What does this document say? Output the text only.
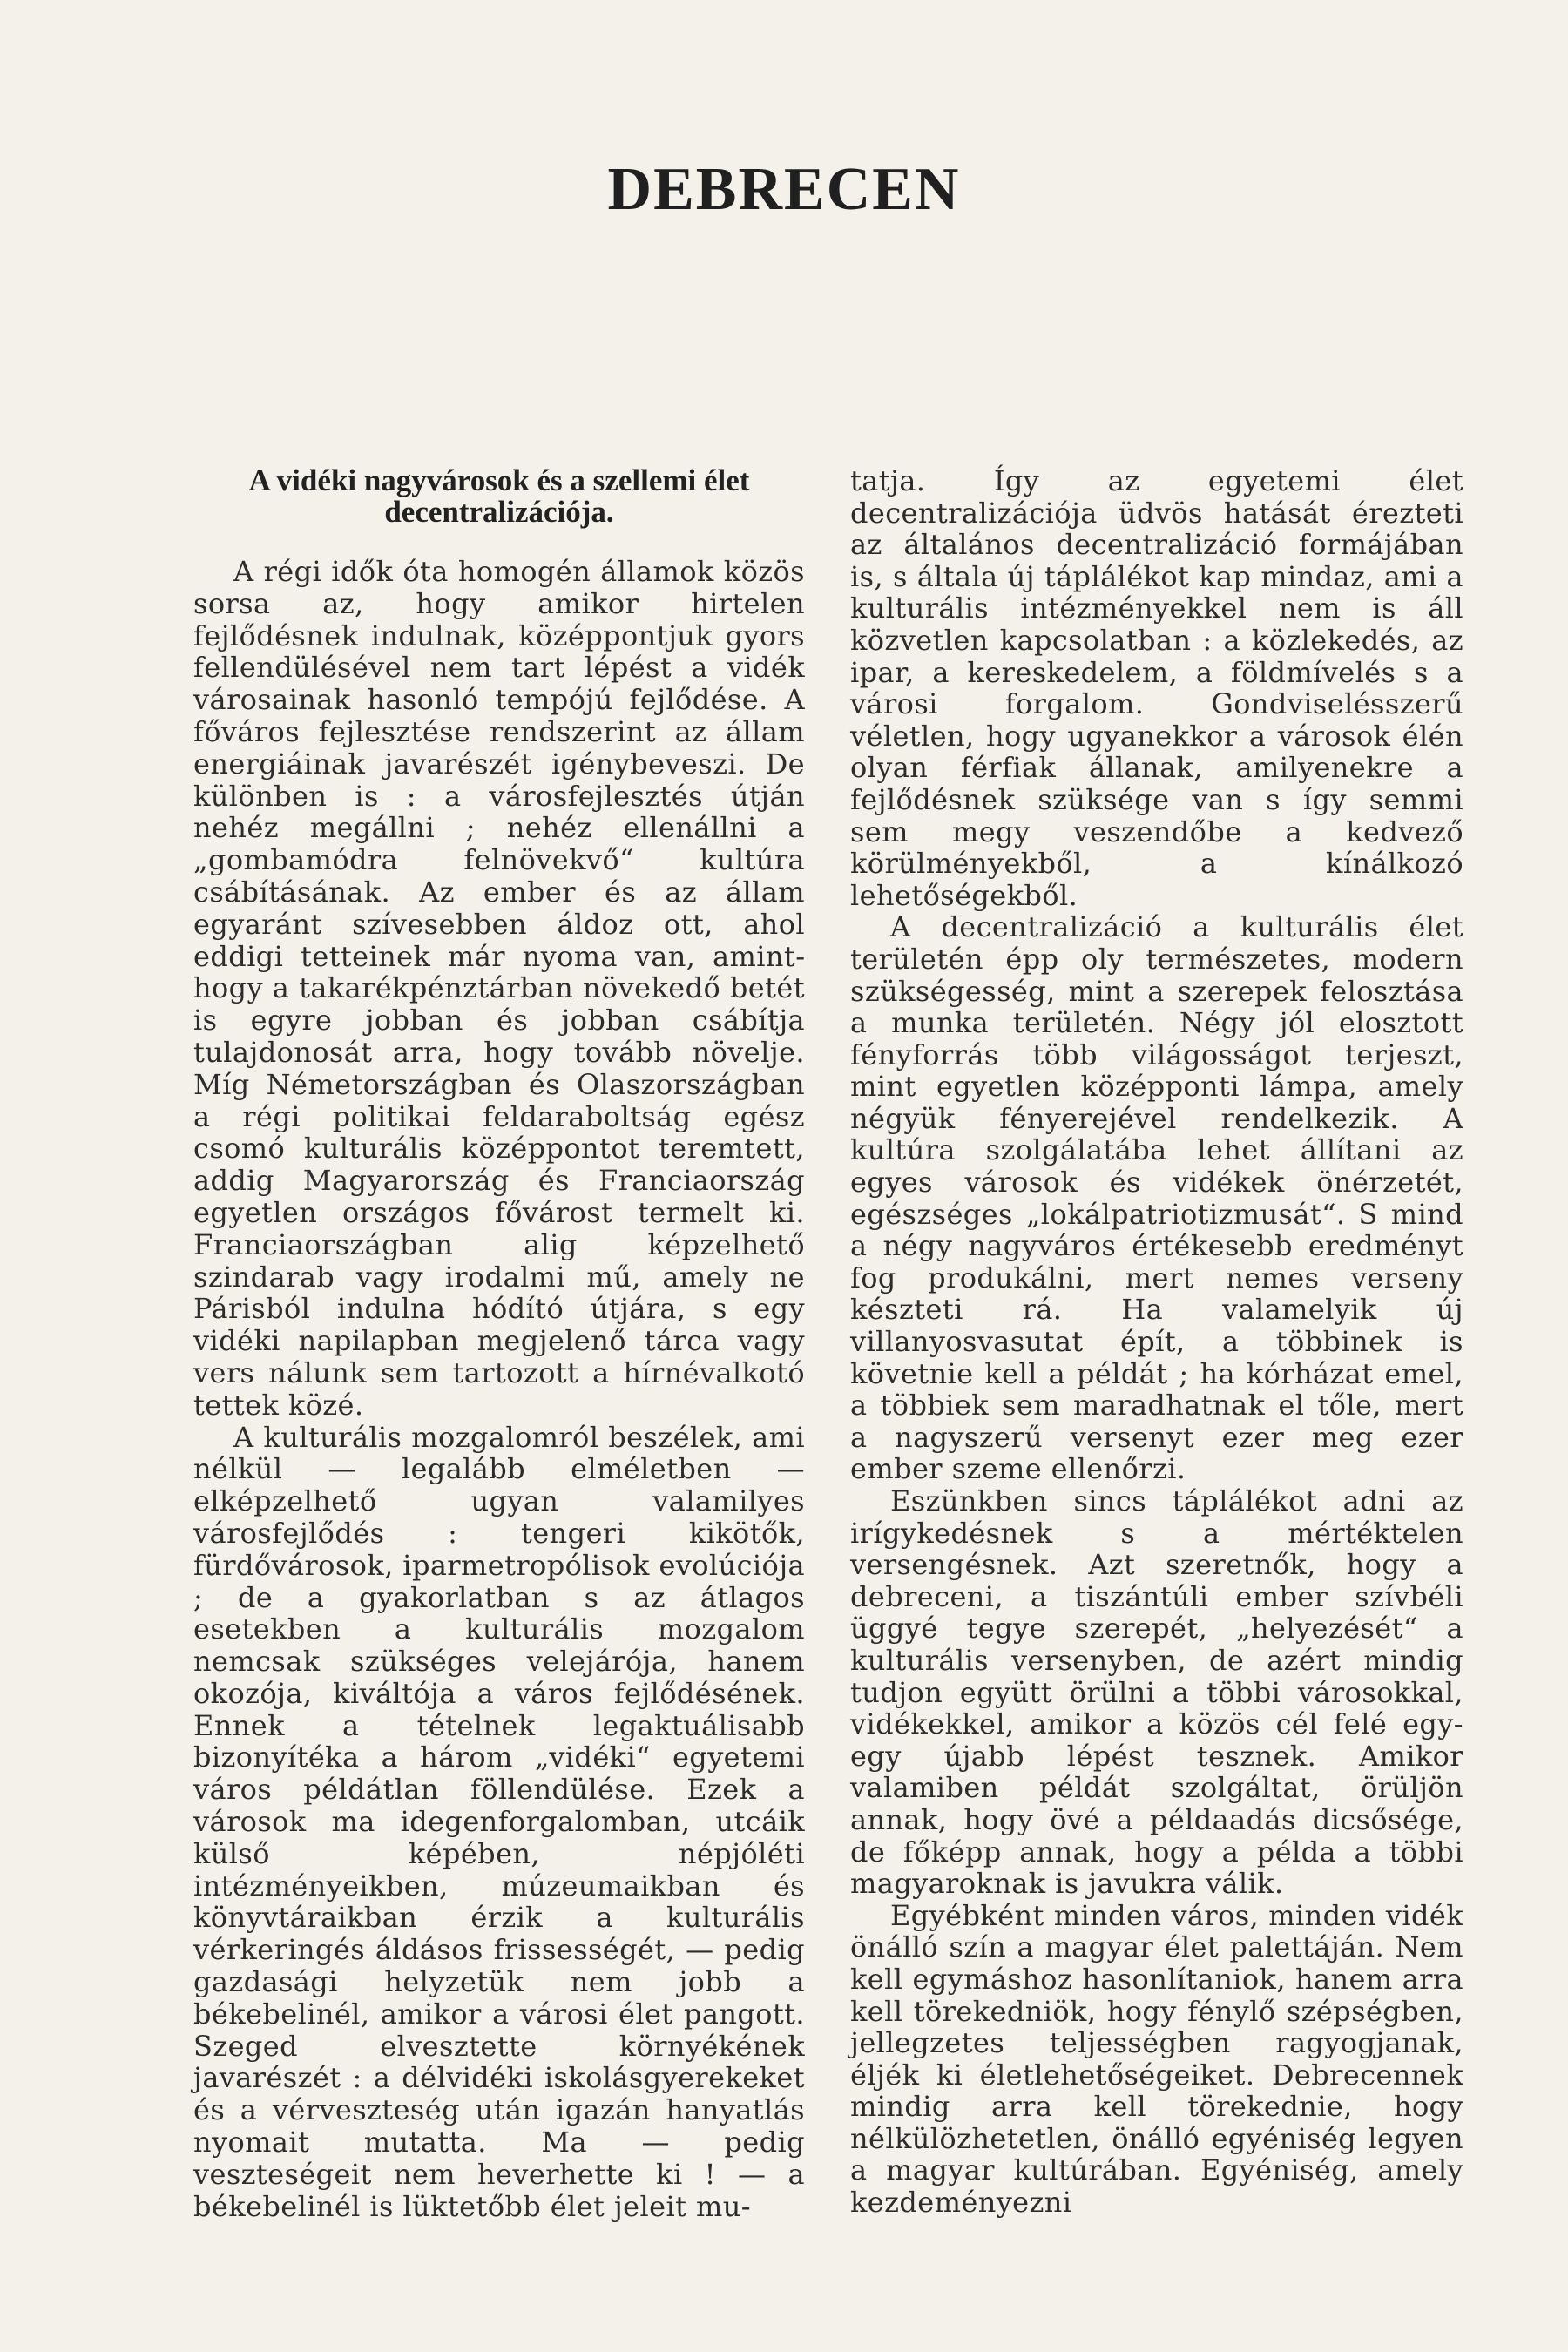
DEBRECEN
A vidéki nagyvárosok és a szellemi élet decentralizációja.

A régi idők óta homogén államok közös sorsa az, hogy amikor hirtelen fejlődésnek indulnak, középpontjuk gyors fellendülésével nem tart lépést a vidék városainak hasonló tempójú fejlődése. A főváros fejlesztése rendszerint az állam energiáinak javarészét igénybeveszi. De különben is : a városfejlesztés útján nehéz megállni ; nehéz ellenállni a „gombamódra felnövekvő“ kultúra csábításának. Az ember és az állam egyaránt szívesebben áldoz ott, ahol eddigi tetteinek már nyoma van, aminthogy a takarékpénztárban növekedő betét is egyre jobban és jobban csábítja tulajdonosát arra, hogy tovább növelje. Míg Németországban és Olaszországban a régi politikai feldaraboltság egész csomó kulturális középpontot teremtett, addig Magyarország és Franciaország egyetlen országos fővárost termelt ki. Franciaországban alig képzelhető szindarab vagy irodalmi mű, amely ne Párisból indulna hódító útjára, s egy vidéki napilapban megjelenő tárca vagy vers nálunk sem tartozott a hírnévalkotó tettek közé.

A kulturális mozgalomról beszélek, ami nélkül — legalább elméletben — elképzelhető ugyan valamilyes városfejlődés : tengeri kikötők, fürdővárosok, iparmetropólisok evolúciója ; de a gyakorlatban s az átlagos esetekben a kulturális mozgalom nemcsak szükséges velejárója, hanem okozója, kiváltója a város fejlődésének. Ennek a tételnek legaktuálisabb bizonyítéka a három „vidéki“ egyetemi város példátlan föllendülése. Ezek a városok ma idegenforgalomban, utcáik külső képében, népjóléti intézményeikben, múzeumaikban és könyvtáraikban érzik a kulturális vérkeringés áldásos frissességét, — pedig gazdasági helyzetük nem jobb a békebelinél, amikor a városi élet pangott. Szeged elvesztette környékének javarészét : a délvidéki iskolásgyerekeket és a vérveszteség után igazán hanyatlás nyomait mutatta. Ma — pedig veszteségeit nem heverhette ki ! — a békebelinél is lüktetőbb élet jeleit mu-

tatja. Így az egyetemi élet decentralizációja üdvös hatását érezteti az általános decentralizáció formájában is, s általa új táplálékot kap mindaz, ami a kulturális intézményekkel nem is áll közvetlen kapcsolatban : a közlekedés, az ipar, a kereskedelem, a földmívelés s a városi forgalom. Gondviselésszerű véletlen, hogy ugyanekkor a városok élén olyan férfiak állanak, amilyenekre a fejlődésnek szüksége van s így semmi sem megy veszendőbe a kedvező körülményekből, a kínálkozó lehetőségekből.

A decentralizáció a kulturális élet területén épp oly természetes, modern szükségesség, mint a szerepek felosztása a munka területén. Négy jól elosztott fényforrás több világosságot terjeszt, mint egyetlen középponti lámpa, amely négyük fényerejével rendelkezik. A kultúra szolgálatába lehet állítani az egyes városok és vidékek önérzetét, egészséges „lokálpatriotizmusát“. S mind a négy nagyváros értékesebb eredményt fog produkálni, mert nemes verseny készteti rá. Ha valamelyik új villanyosvasutat épít, a többinek is követnie kell a példát ; ha kórházat emel, a többiek sem maradhatnak el tőle, mert a nagyszerű versenyt ezer meg ezer ember szeme ellenőrzi.

Eszünkben sincs táplálékot adni az irígykedésnek s a mértéktelen versengésnek. Azt szeretnők, hogy a debreceni, a tiszántúli ember szívbéli üggyé tegye szerepét, „helyezését“ a kulturális versenyben, de azért mindig tudjon együtt örülni a többi városokkal, vidékekkel, amikor a közös cél felé egy-egy újabb lépést tesznek. Amikor valamiben példát szolgáltat, örüljön annak, hogy övé a példaadás dicsősége, de főképp annak, hogy a példa a többi magyaroknak is javukra válik.

Egyébként minden város, minden vidék önálló szín a magyar élet palettáján. Nem kell egymáshoz hasonlítaniok, hanem arra kell törekedniök, hogy fénylő szépségben, jellegzetes teljességben ragyogjanak, éljék ki életlehetőségeiket. Debrecennek mindig arra kell törekednie, hogy nélkülözhetetlen, önálló egyéniség legyen a magyar kultúrában. Egyéniség, amely kezdeményezni
